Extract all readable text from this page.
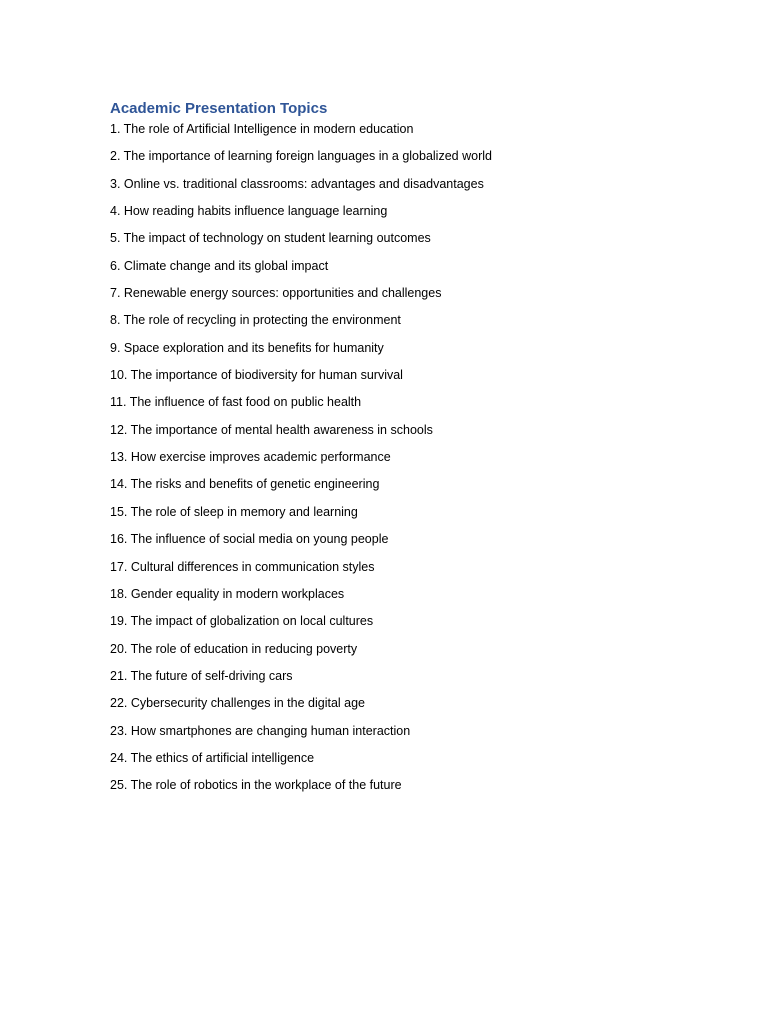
Academic Presentation Topics
1. The role of Artificial Intelligence in modern education
2. The importance of learning foreign languages in a globalized world
3. Online vs. traditional classrooms: advantages and disadvantages
4. How reading habits influence language learning
5. The impact of technology on student learning outcomes
6. Climate change and its global impact
7. Renewable energy sources: opportunities and challenges
8. The role of recycling in protecting the environment
9. Space exploration and its benefits for humanity
10. The importance of biodiversity for human survival
11. The influence of fast food on public health
12. The importance of mental health awareness in schools
13. How exercise improves academic performance
14. The risks and benefits of genetic engineering
15. The role of sleep in memory and learning
16. The influence of social media on young people
17. Cultural differences in communication styles
18. Gender equality in modern workplaces
19. The impact of globalization on local cultures
20. The role of education in reducing poverty
21. The future of self-driving cars
22. Cybersecurity challenges in the digital age
23. How smartphones are changing human interaction
24. The ethics of artificial intelligence
25. The role of robotics in the workplace of the future
